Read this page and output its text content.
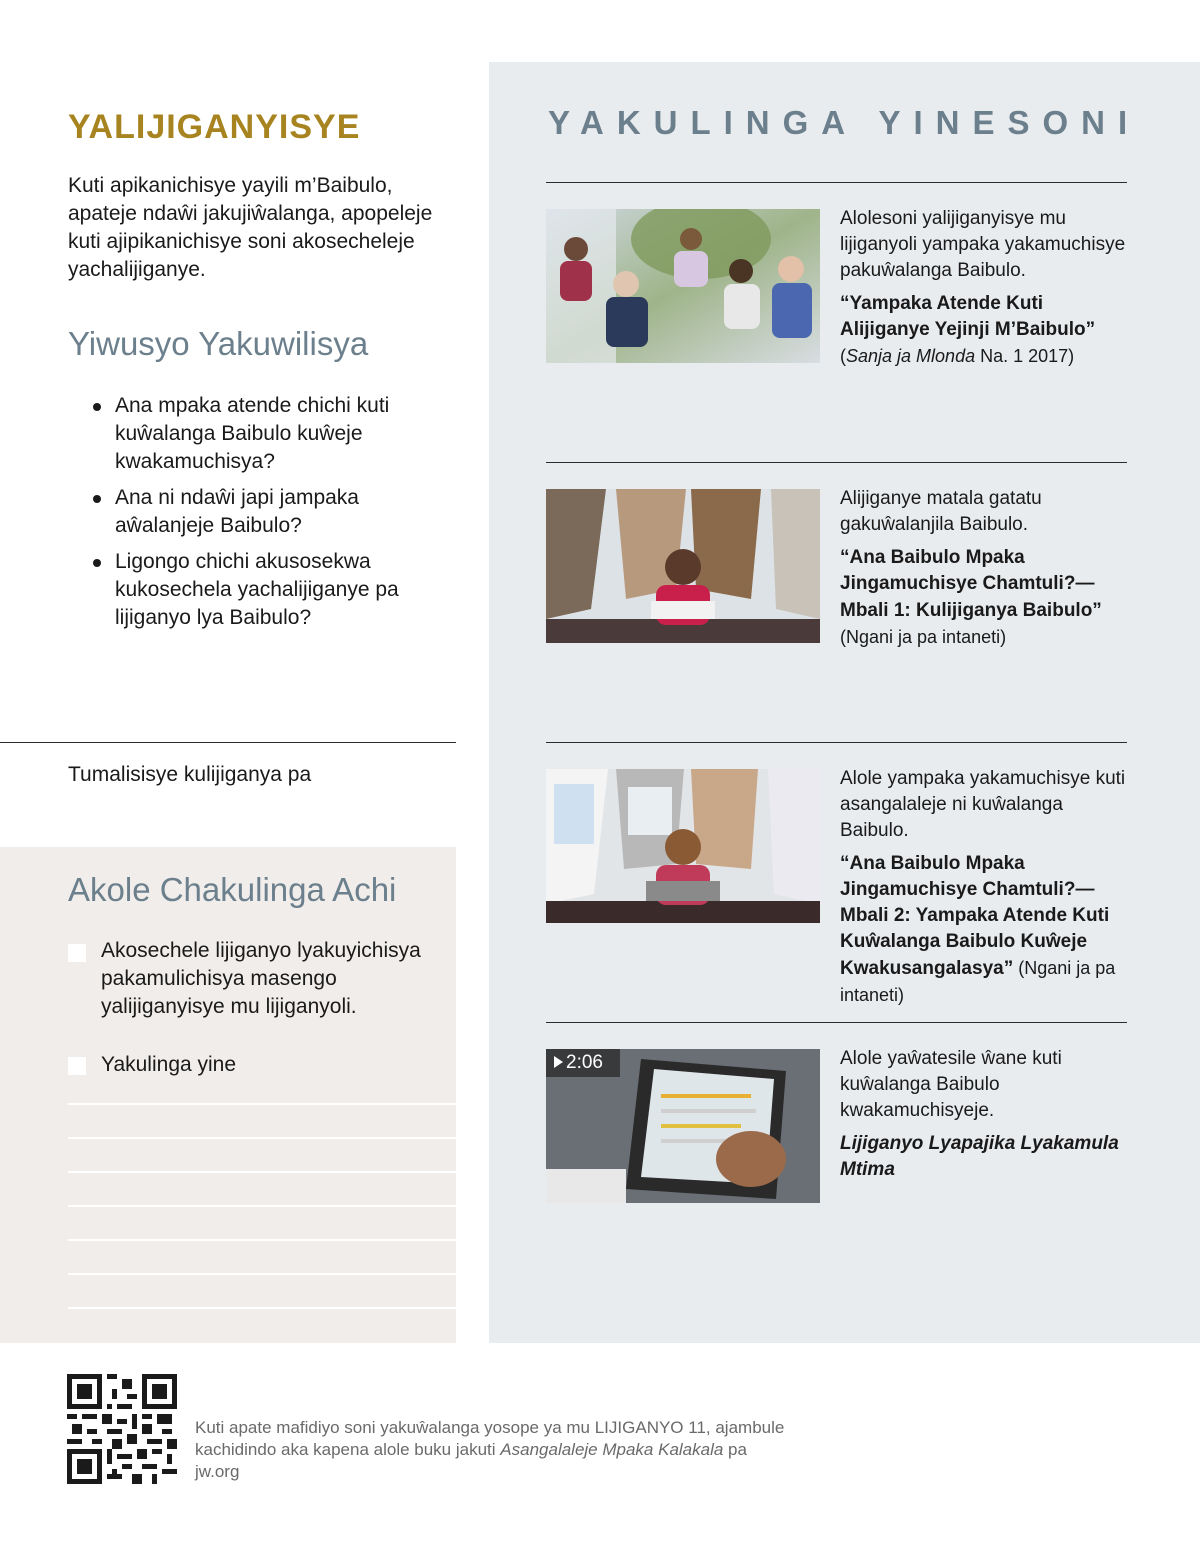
YALIJIGANYISYE

Kuti apikanichisye yayili m’Baibulo, apateje ndaŵi jakujiŵalanga, apopeleje kuti ajipikanichisye soni akosecheleje yachalijiganye.

Yiwusyo Yakuwilisya
Ana mpaka atende chichi kuti kuŵalanga Baibulo kuŵeje kwakamuchisya?
Ana ni ndaŵi japi jampaka aŵalanjeje Baibulo?
Ligongo chichi akusosekwa kukosechela yachalijiganye pa lijiganyo lya Baibulo?

Tumalisisye kulijiganya pa

Akole Chakulinga Achi

Akosechele lijiganyo lyakuyichisya pakamulichisya masengo yalijiganyisye mu lijiganyoli.

Yakulinga yine

YAKULINGA YINESONI

Alolesoni yalijiganyisye mu lijiganyoli yampaka yakamuchisye pakuŵalanga Baibulo.

“Yampaka Atende Kuti Alijiganye Yejinji M’Baibulo” (Sanja ja Mlonda Na. 1 2017)

Alijiganye matala gatatu gakuŵalanjila Baibulo.

“Ana Baibulo Mpaka Jingamuchisye Chamtuli?—Mbali 1: Kulijiganya Baibulo” (Ngani ja pa intaneti)

Alole yampaka yakamuchisye kuti asangalaleje ni kuŵalanga Baibulo.

“Ana Baibulo Mpaka Jingamuchisye Chamtuli?—Mbali 2: Yampaka Atende Kuti Kuŵalanga Baibulo Kuŵeje Kwakusangalasya” (Ngani ja pa intaneti)

2:06	Alole yaŵatesile ŵane kuti kuŵalanga Baibulo kwakamuchisyeje.

Lijiganyo Lyapajika Lyakamula Mtima

Kuti apate mafidiyo soni yakuŵalanga yosope ya mu LIJIGANYO 11, ajambule kachidindo aka kapena alole buku jakuti Asangalaleje Mpaka Kalakala pa jw.org
